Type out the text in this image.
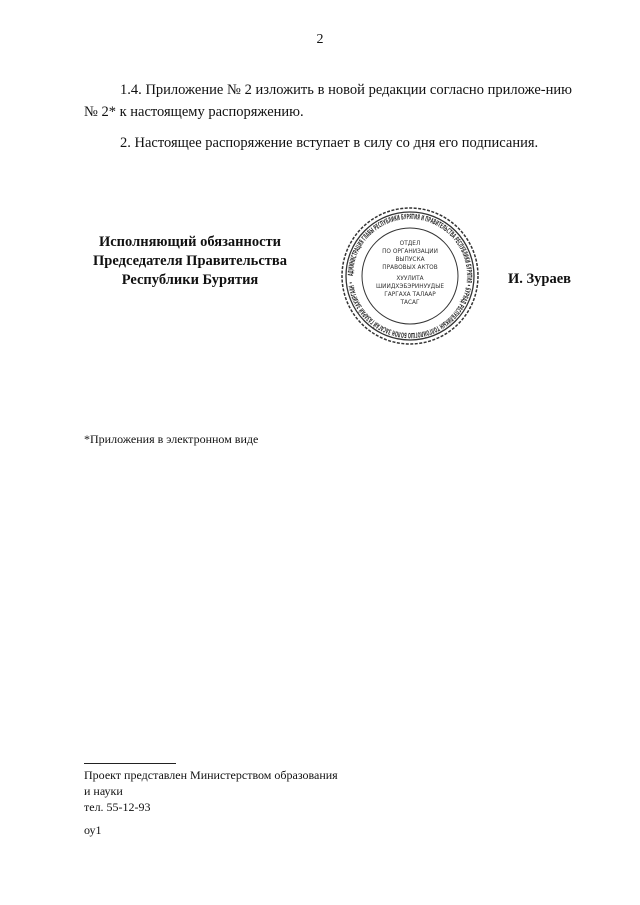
2
1.4. Приложение № 2 изложить в новой редакции согласно приложе-нию № 2* к настоящему распоряжению.
2. Настоящее распоряжение вступает в силу со дня его подписания.
Исполняющий обязанности
Председателя Правительства
Республики Бурятия	АДМИНИСТРАЦИЯ ГЛАВЫ РЕСПУБЛИКИ БУРЯТИЯ И ПРАВИТЕЛЬСТВА РЕСПУБЛИКИ БУРЯТИЯ • БУРЯАД РЕСПУБЛИКЫН ТОЛГОЙЛОГШО БОЛОН ЗАСАГАЙ ГАЗАРАЙ ЗАХИРГААН •
ОТДЕЛ
ПО ОРГАНИЗАЦИИ
ВЫПУСКА
ПРАВОВЫХ АКТОВ
ХУУЛИТА
ШИИДХЭБЭРИНУУДЫЕ
ГАРГАХА ТАЛААР
ТАСАГ
И. Зураев
*Приложения в электронном виде
Проект представлен Министерством образования
и науки
тел. 55-12-93
оу1
